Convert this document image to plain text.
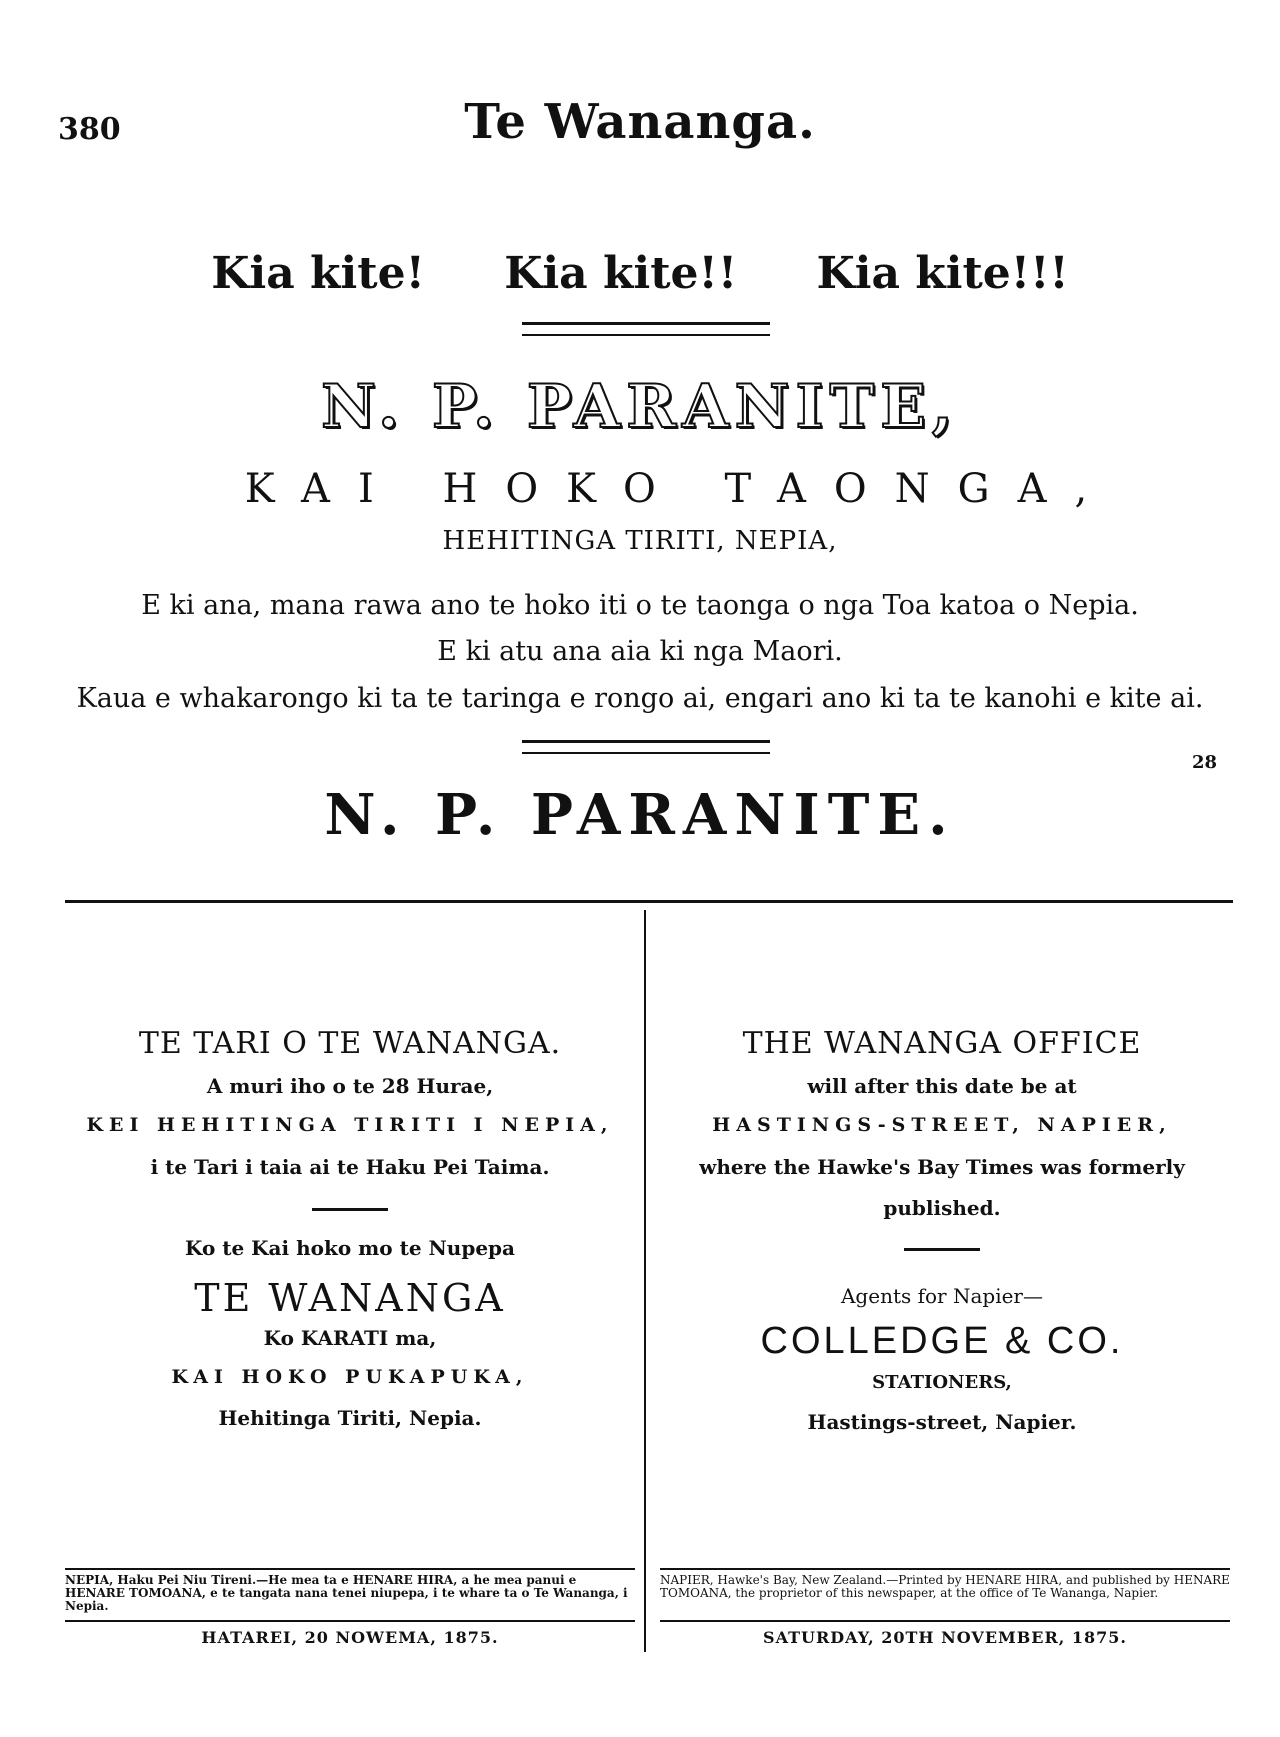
380	Te Wananga.
Kia kite! Kia kite!! Kia kite!!!
N. P. PARANITE,
KAI HOKO TAONGA,
HEHITINGA TIRITI, NEPIA,
E ki ana, mana rawa ano te hoko iti o te taonga o nga Toa katoa o Nepia.
E ki atu ana aia ki nga Maori.
Kaua e whakarongo ki ta te taringa e rongo ai, engari ano ki ta te kanohi e kite ai.
28
N. P. PARANITE.
TE TARI O TE WANANGA.
A muri iho o te 28 Hurae,
KEI HEHITINGA TIRITI I NEPIA,
i te Tari i taia ai te Haku Pei Taima.
Ko te Kai hoko mo te Nupepa
TE WANANGA
Ko KARATI ma,
KAI HOKO PUKAPUKA,
Hehitinga Tiriti, Nepia.
THE WANANGA OFFICE
will after this date be at
HASTINGS-STREET, NAPIER,
where the Hawke's Bay Times was formerly
published.
Agents for Napier—
COLLEDGE & CO.
STATIONERS,
Hastings-street, Napier.
NEPIA, Haku Pei Niu Tireni.—He mea ta e HENARE HIRA, a he mea panui e HENARE TOMOANA, e te tangata nana tenei niupepa, i te whare ta o Te Wananga, i Nepia.
HATAREI, 20 NOWEMA, 1875.
NAPIER, Hawke's Bay, New Zealand.—Printed by HENARE HIRA, and published by HENARE TOMOANA, the proprietor of this newspaper, at the office of Te Wananga, Napier.
SATURDAY, 20TH NOVEMBER, 1875.
